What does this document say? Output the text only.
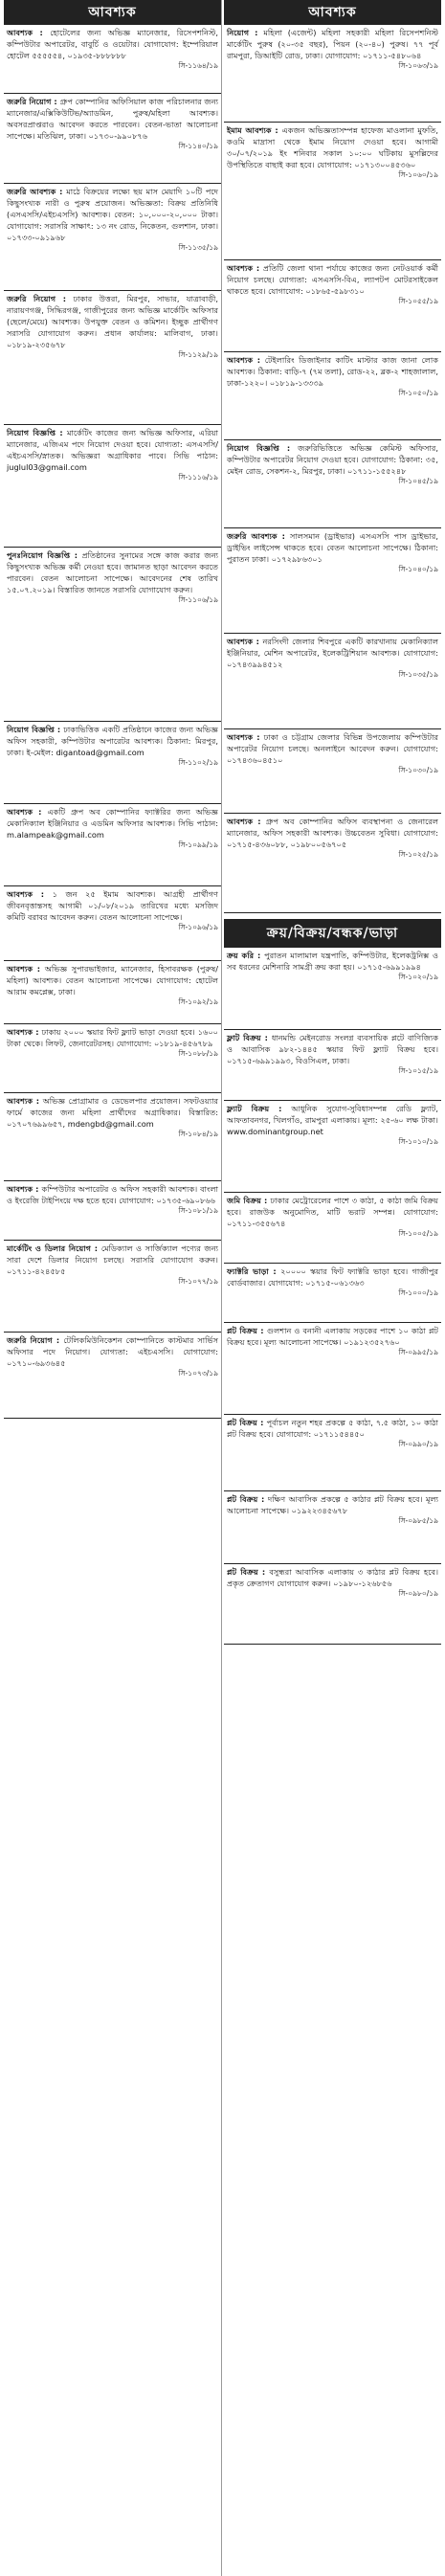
আবশ্যক
আবশ্যক : হোটেলের জন্য অভিজ্ঞ ম্যানেজার, রিসেপশনিস্ট, কম্পিউটার অপারেটর, বাবুর্চি ও ওয়েটার। যোগাযোগ: ইম্পেরিয়াল হোটেল ৫৫৫৫৫৪, ০১৯৩৫-৮৮৮৮৮৮
সি-১১৬৪/১৯
জরুরি নিয়োগ : গ্রুপ কোম্পানির অফিসিয়াল কাজ পরিচালনার জন্য ম্যানেজার/এক্সিকিউটিভ/অ্যাডমিন, পুরুষ/মহিলা আবশ্যক। অবসরপ্রাপ্তরাও আবেদন করতে পারবেন। বেতন-ভাতা আলোচনা সাপেক্ষে। মতিঝিল, ঢাকা। ০১৭৩০-৯৯০৮৭৬
সি-১১৪০/১৯
জরুরি আবশ্যক : মাঠে বিক্রয়ের লক্ষ্যে ছয় মাস মেয়াদি ১০টি পদে কিছুসংখ্যক নারী ও পুরুষ প্রয়োজন। অভিজ্ঞতা: বিক্রয় প্রতিনিধি (এসএসসি/এইচএসসি) আবশ্যক। বেতন: ১০,০০০-২০,০০০ টাকা। যোগাযোগ: সরাসরি সাক্ষাৎ: ১৩ নং রোড, নিকেতন, গুলশান, ঢাকা। ০১৭৩৩-০৯১৯৬৮
সি-১১৩৫/১৯
জরুরি নিয়োগ : ঢাকার উত্তরা, মিরপুর, সাভার, যাত্রাবাড়ী, নারায়ণগঞ্জ, সিদ্ধিরগঞ্জ, গাজীপুরের জন্য অভিজ্ঞ মার্কেটিং অফিসার (ছেলে/মেয়ে) আবশ্যক। উপযুক্ত বেতন ও কমিশন। ইচ্ছুক প্রার্থীগণ সরাসরি যোগাযোগ করুন। প্রধান কার্যালয়: মালিবাগ, ঢাকা। ০১৮১৯-২৩৫৬৭৮
সি-১১২৯/১৯
নিয়োগ বিজ্ঞপ্তি : মার্কেটিং কাজের জন্য অভিজ্ঞ অফিসার, এরিয়া ম্যানেজার, এজিএম পদে নিয়োগ দেওয়া হবে। যোগ্যতা: এসএসসি/এইচএসসি/স্নাতক। অভিজ্ঞরা অগ্রাধিকার পাবে। সিভি পাঠান: juglul03@gmail.com
সি-১১১৬/১৯
পুনঃনিয়োগ বিজ্ঞপ্তি : প্রতিষ্ঠানের সুনামের সঙ্গে কাজ করার জন্য কিছুসংখ্যক অভিজ্ঞ কর্মী নেওয়া হবে। জামানত ছাড়া আবেদন করতে পারবেন। বেতন আলোচনা সাপেক্ষে। আবেদনের শেষ তারিখ ১৫.০৭.২০১৯। বিস্তারিত জানতে সরাসরি যোগাযোগ করুন।
সি-১১০৬/১৯
নিয়োগ বিজ্ঞপ্তি : ঢাকাভিত্তিক একটি প্রতিষ্ঠানে কাজের জন্য অভিজ্ঞ অফিস সহকারী, কম্পিউটার অপারেটর আবশ্যক। ঠিকানা: মিরপুর, ঢাকা। ই-মেইল: digantoad@gmail.com
সি-১১০২/১৯
আবশ্যক : একটি গ্রুপ অব কোম্পানির ফ্যাক্টরির জন্য অভিজ্ঞ মেকানিক্যাল ইঞ্জিনিয়ার ও এডমিন অফিসার আবশ্যক। সিভি পাঠান: m.alampeak@gmail.com
সি-১০৯৯/১৯
আবশ্যক : ১ জন ২৫ ইমাম আবশ্যক। আগ্রহী প্রার্থীগণ জীবনবৃত্তান্তসহ আগামী ০১/০৮/২০১৯ তারিখের মধ্যে মসজিদ কমিটি বরাবর আবেদন করুন। বেতন আলোচনা সাপেক্ষে।
সি-১০৯৬/১৯
আবশ্যক : অভিজ্ঞ সুপারভাইজার, ম্যানেজার, হিসাবরক্ষক (পুরুষ/মহিলা) আবশ্যক। বেতন আলোচনা সাপেক্ষে। যোগাযোগ: হোটেল আরাম কমপ্লেক্স, ঢাকা।
সি-১০৯২/১৯
আবশ্যক : ঢাকায় ২০০০ স্কয়ার ফিট ফ্ল্যাট ভাড়া দেওয়া হবে। ১৬০০ টাকা থেকে। লিফট, জেনারেটরসহ। যোগাযোগ: ০১৮১৯-৪৫৬৭৮৯
সি-১০৮৮/১৯
আবশ্যক : অভিজ্ঞ প্রোগ্রামার ও ডেভেলপার প্রয়োজন। সফটওয়্যার ফার্মে কাজের জন্য মহিলা প্রার্থীদের অগ্রাধিকার। বিস্তারিত: ০১৭০৭৬৯৯৬৫৭, mdengbd@gmail.com
সি-১০৮৪/১৯
আবশ্যক : কম্পিউটার অপারেটর ও অফিস সহকারী আবশ্যক। বাংলা ও ইংরেজি টাইপিংয়ে দক্ষ হতে হবে। যোগাযোগ: ০১৭৩৫-৬৯০৮৬৬
সি-১০৮১/১৯
মার্কেটিং ও ডিলার নিয়োগ : মেডিক্যাল ও সার্জিক্যাল পণ্যের জন্য সারা দেশে ডিলার নিয়োগ চলছে। সরাসরি যোগাযোগ করুন। ০১৭১১-৪২৪৫৮৫
সি-১০৭৭/১৯
জরুরি নিয়োগ : টেলিকমিউনিকেশন কোম্পানিতে কাস্টমার সার্ভিস অফিসার পদে নিয়োগ। যোগ্যতা: এইচএসসি। যোগাযোগ: ০১৭১০-৬৯৩৬৪৫
সি-১০৭৩/১৯
আবশ্যক
নিয়োগ : মহিলা (এজেন্ট) মহিলা সহকারী মহিলা রিসেপশনিস্ট মার্কেটিং পুরুষ (২০-৩৫ বছর), পিয়ন (২০-৪০) পুরুষ। ৭৭ পূর্ব রামপুরা, ডিআইটি রোড, ঢাকা। যোগাযোগ: ০১৭১১-৫৪৮০৬৪
সি-১০৬৩/১৯
ইমাম আবশ্যক : একজন অভিজ্ঞতাসম্পন্ন হাফেজ মাওলানা মুফতি, কওমি মাদ্রাসা থেকে ইমাম নিয়োগ দেওয়া হবে। আগামী ৩০/০৭/২০১৯ ইং শনিবার সকাল ১০:০০ ঘটিকায় মুসল্লিদের উপস্থিতিতে বাছাই করা হবে। যোগাযোগ: ০১৭১৩০০৪৫৩৬০
সি-১০৬০/১৯
আবশ্যক : প্রতিটি জেলা থানা পর্যায়ে কাজের জন্য নেটওয়ার্ক কর্মী নিয়োগ চলছে। যোগ্যতা: এসএসসি-বিএ, ল্যাপটপ মোটরসাইকেল থাকতে হবে। যোগাযোগ: ০১৮৬৫-৫৯৮৩১০
সি-১০৫৫/১৯
আবশ্যক : টেইলারিং ডিজাইনার কাটিং মাস্টার কাজ জানা লোক আবশ্যক। ঠিকানা: বাড়ি-৭ (৭ম তলা), রোড-২২, ব্লক-২ শাহজালাল, ঢাকা-১২২০। ০১৮১৯-১৩৩৩৯
সি-১০৫০/১৯
নিয়োগ বিজ্ঞপ্তি : জরুরিভিত্তিতে অভিজ্ঞ কেমিস্ট অফিসার, কম্পিউটার অপারেটর নিয়োগ দেওয়া হবে। যোগাযোগ: ঠিকানা: ৩৫, মেইন রোড, সেকশন-২, মিরপুর, ঢাকা। ০১৭১১-১৫৫২৪৮
সি-১০৪৫/১৯
জরুরি আবশ্যক : সালসমান (ড্রাইভার) এসএসসি পাস ড্রাইভার, ড্রাইভিং লাইসেন্স থাকতে হবে। বেতন আলোচনা সাপেক্ষে। ঠিকানা: পুরাতন ঢাকা। ০১৭২৯৮৬৩০১
সি-১০৪০/১৯
আবশ্যক : নরসিংদী জেলার শিবপুরে একটি কারখানায় মেকানিক্যাল ইঞ্জিনিয়ার, মেশিন অপারেটর, ইলেকট্রিশিয়ান আবশ্যক। যোগাযোগ: ০১৭৪৩৯৯৪৫১২
সি-১০৩৫/১৯
আবশ্যক : ঢাকা ও চট্টগ্রাম জেলার বিভিন্ন উপজেলায় কম্পিউটার অপারেটর নিয়োগ চলছে। অনলাইনে আবেদন করুন। যোগাযোগ: ০১৭৪৩৬০৪৫১০
সি-১০৩০/১৯
আবশ্যক : গ্রুপ অব কোম্পানির অফিস ব্যবস্থাপনা ও জেনারেল ম্যানেজার, অফিস সহকারী আবশ্যক। উচ্চবেতন সুবিধা। যোগাযোগ: ০১৭১৫-৪৩৬০৮৮, ০১৯৮০০৫৬৭০৫
সি-১০২৫/১৯
ক্রয়/বিক্রয়/বন্ধক/ভাড়া
ক্রয় করি : পুরাতন মালামাল যন্ত্রপাতি, কম্পিউটার, ইলেকট্রনিক্স ও সব ধরনের মেশিনারি সামগ্রী ক্রয় করা হয়। ০১৭১৫-৬৯৯১৯৯৪
সি-১০২০/১৯
ফ্লাট বিক্রয় : ধানমন্ডি মেইনরোড সংলগ্ন ব্যবসায়িক প্লটে বাণিজ্যিক ও আবাসিক ৯৮২-১৪৪৫ স্কয়ার ফিট ফ্ল্যাট বিক্রয় হবে। ০১৭১৫-৬৯৯১৯৯৩, বিওসিএল, ঢাকা।
সি-১০১৫/১৯
ফ্ল্যাট বিক্রয় : আধুনিক সুযোগ-সুবিধাসম্পন্ন রেডি ফ্ল্যাট, আফতাবনগর, খিলগাঁও, রামপুরা এলাকায়। মূল্য: ২৫-৬০ লক্ষ টাকা। www.dominantgroup.net
সি-১০১০/১৯
জমি বিক্রয় : ঢাকার মেট্রোরেলের পাশে ৩ কাঠা, ৫ কাঠা জমি বিক্রয় হবে। রাজউক অনুমোদিত, মাটি ভরাট সম্পন্ন। যোগাযোগ: ০১৭১১-৩৫৫৬৭৪
সি-১০০৫/১৯
ফ্যাক্টরি ভাড়া : ২০০০০ স্কয়ার ফিট ফ্যাক্টরি ভাড়া হবে। গাজীপুর বোর্ডবাজার। যোগাযোগ: ০১৭১৫-০৬১৩৬৩
সি-১০০০/১৯
প্লট বিক্রয় : গুলশান ও বনানী এলাকায় সড়কের পাশে ১০ কাঠা প্লট বিক্রয় হবে। মূল্য আলোচনা সাপেক্ষে। ০১৯১২৩৫২৭৬০
সি-০৯৯৫/১৯
প্লট বিক্রয় : পূর্বাচল নতুন শহর প্রকল্পে ৫ কাঠা, ৭.৫ কাঠা, ১০ কাঠা প্লট বিক্রয় হবে। যোগাযোগ: ০১৭১১৫৪৪৫০
সি-০৯৯০/১৯
প্লট বিক্রয় : দক্ষিণ আবাসিক প্রকল্পে ৫ কাঠার প্লট বিক্রয় হবে। মূল্য আলোচনা সাপেক্ষে। ০১৯২২৩৪৫৬৭৮
সি-০৯৮৫/১৯
প্লট বিক্রয় : বসুন্ধরা আবাসিক এলাকায় ৩ কাঠার প্লট বিক্রয় হবে। প্রকৃত ক্রেতাগণ যোগাযোগ করুন। ০১৯৮০-১২৬৮৫৬
সি-০৯৮০/১৯
